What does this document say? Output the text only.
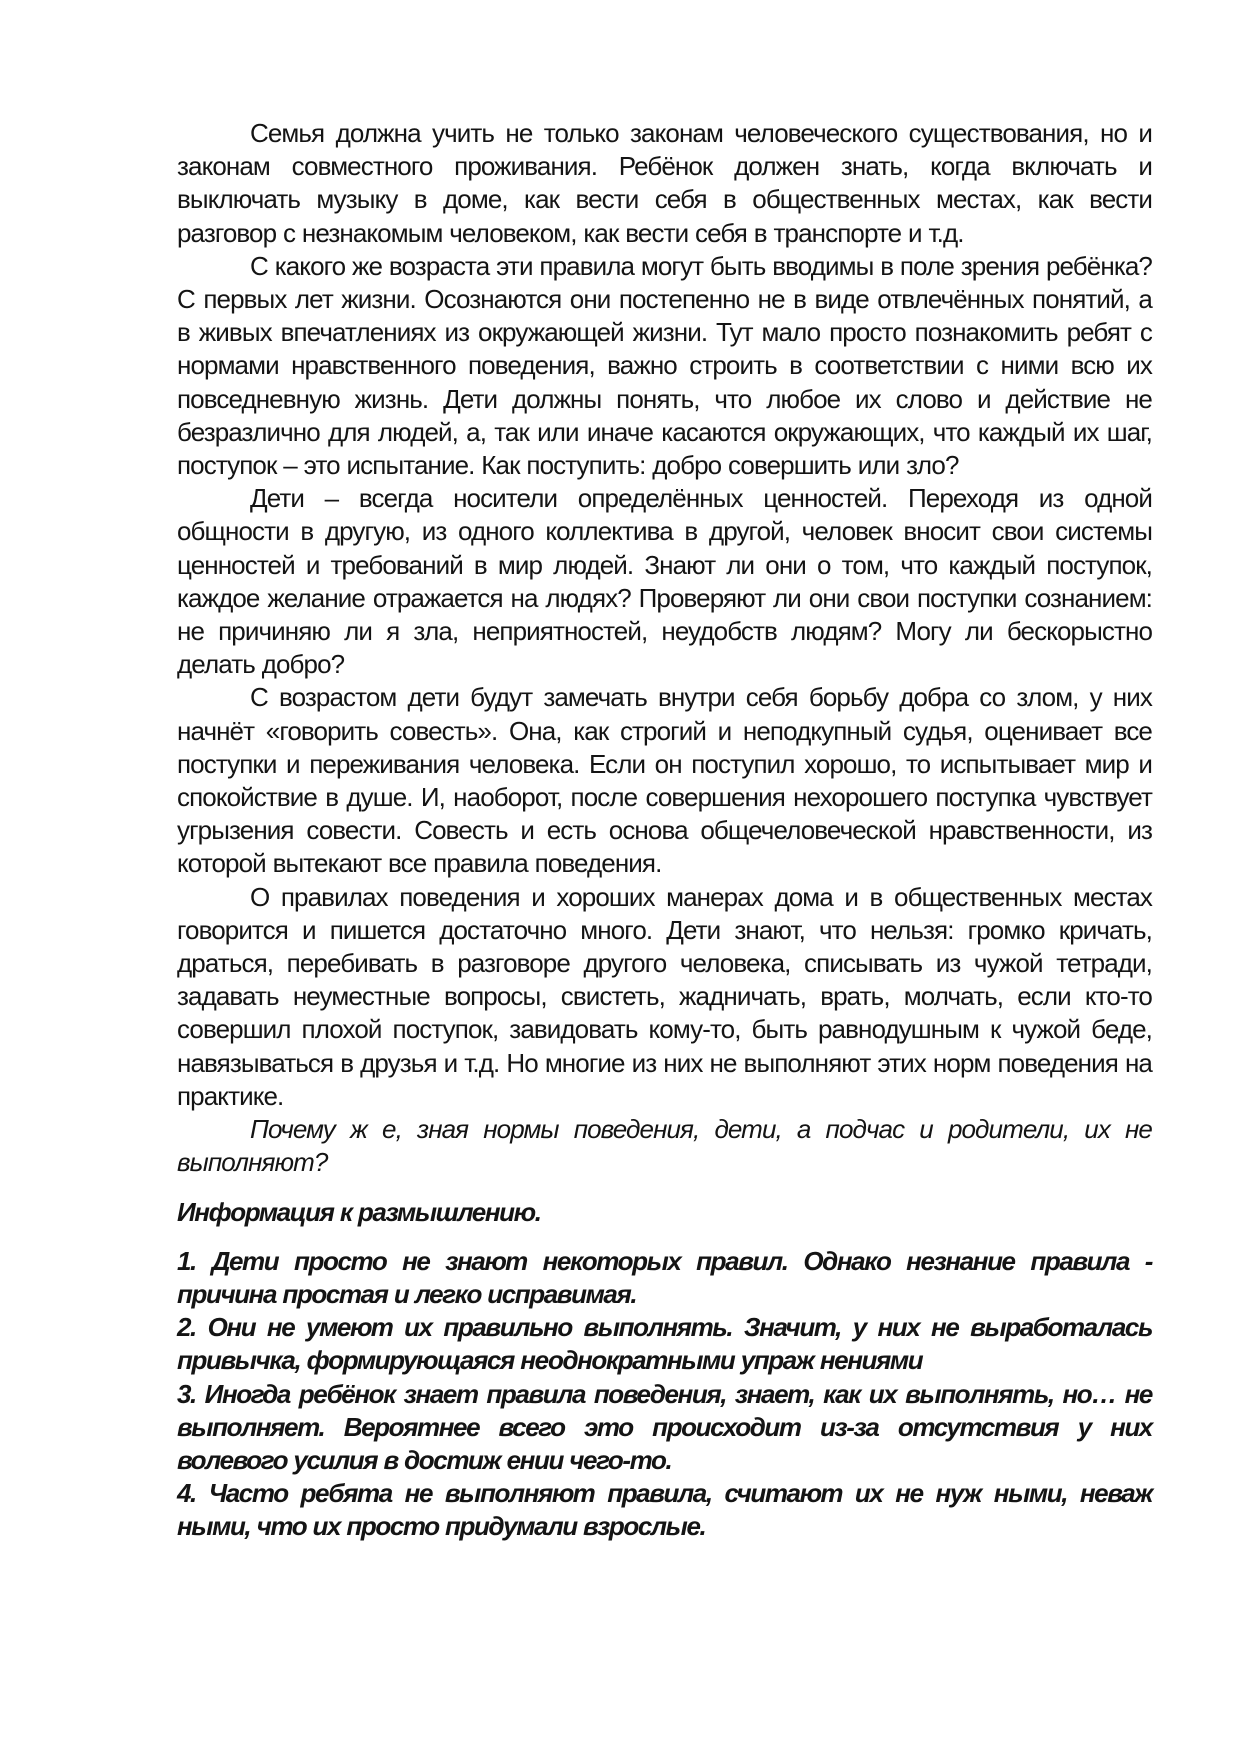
Семья должна учить не только законам человеческого существования, но и законам совместного проживания. Ребёнок должен знать, когда включать и выключать музыку в доме, как вести себя в общественных местах, как вести разговор с незнакомым человеком, как вести себя в транспорте и т.д.

С какого же возраста эти правила могут быть вводимы в поле зрения ребёнка? С первых лет жизни. Осознаются они постепенно не в виде отвлечённых понятий, а в живых впечатлениях из окружающей жизни. Тут мало просто познакомить ребят с нормами нравственного поведения, важно строить в соответствии с ними всю их повседневную жизнь. Дети должны понять, что любое их слово и действие не безразлично для людей, а, так или иначе касаются окружающих, что каждый их шаг, поступок – это испытание. Как поступить: добро совершить или зло?

Дети – всегда носители определённых ценностей. Переходя из одной общности в другую, из одного коллектива в другой, человек вносит свои системы ценностей и требований в мир людей. Знают ли они о том, что каждый поступок, каждое желание отражается на людях? Проверяют ли они свои поступки сознанием: не причиняю ли я зла, неприятностей, неудобств людям? Могу ли бескорыстно делать добро?

С возрастом дети будут замечать внутри себя борьбу добра со злом, у них начнёт «говорить совесть». Она, как строгий и неподкупный судья, оценивает все поступки и переживания человека. Если он поступил хорошо, то испытывает мир и спокойствие в душе. И, наоборот, после совершения нехорошего поступка чувствует угрызения совести. Совесть и есть основа общечеловеческой нравственности, из которой вытекают все правила поведения.

О правилах поведения и хороших манерах дома и в общественных местах говорится и пишется достаточно много. Дети знают, что нельзя: громко кричать, драться, перебивать в разговоре другого человека, списывать из чужой тетради, задавать неуместные вопросы, свистеть, жадничать, врать, молчать, если кто-то совершил плохой поступок, завидовать кому-то, быть равнодушным к чужой беде, навязываться в друзья и т.д. Но многие из них не выполняют этих норм поведения на практике.

Почему ж е, зная нормы поведения, дети, а подчас и родители, их не выполняют?

Информация к размышлению.

1. Дети просто не знают некоторых правил. Однако незнание правила - причина простая и легко исправимая.
2. Они не умеют их правильно выполнять. Значит, у них не выработалась привычка, формирующаяся неоднократными упраж нениями
3. Иногда ребёнок знает правила поведения, знает, как их выполнять, но… не выполняет. Вероятнее всего это происходит из-за отсутствия у них волевого усилия в достиж ении чего-то.
4. Часто ребята не выполняют правила, считают их не нуж ными, неваж ными, что их просто придумали взрослые.
